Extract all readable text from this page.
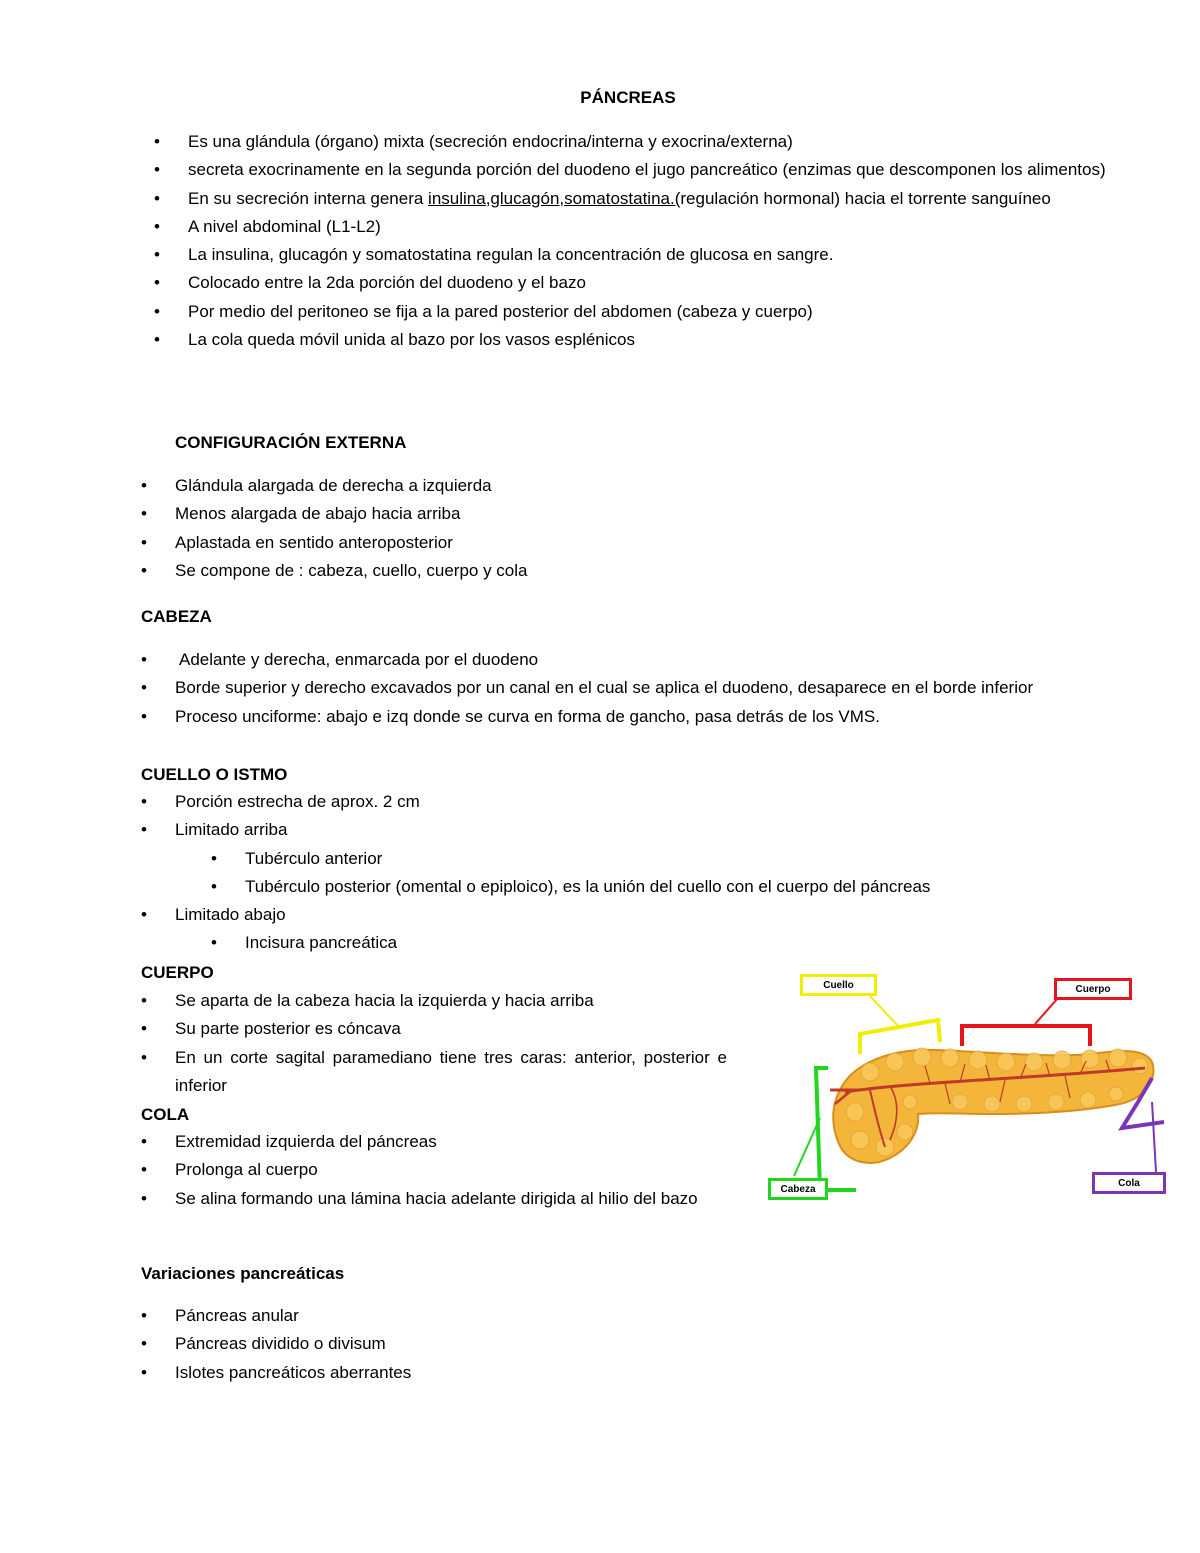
PÁNCREAS
• Es una glándula (órgano) mixta (secreción endocrina/interna y exocrina/externa)
• secreta exocrinamente en la segunda porción del duodeno el jugo pancreático (enzimas que descomponen los alimentos)
• En su secreción interna genera insulina,glucagón,somatostatina.(regulación hormonal) hacia el torrente sanguíneo
• A nivel abdominal (L1-L2)
• La insulina, glucagón y somatostatina regulan la concentración de glucosa en sangre.
• Colocado entre la 2da porción del duodeno y el bazo
• Por medio del peritoneo se fija a la pared posterior del abdomen (cabeza y cuerpo)
• La cola queda móvil unida al bazo por los vasos esplénicos
CONFIGURACIÓN EXTERNA
• Glándula alargada de derecha a izquierda
• Menos alargada de abajo hacia arriba
• Aplastada en sentido anteroposterior
• Se compone de : cabeza, cuello, cuerpo y cola
CABEZA
• Adelante y derecha, enmarcada por el duodeno
• Borde superior y derecho excavados por un canal en el cual se aplica el duodeno, desaparece en el borde inferior
• Proceso unciforme: abajo e izq donde se curva en forma de gancho, pasa detrás de los VMS.
CUELLO O ISTMO
• Porción estrecha de aprox. 2 cm
• Limitado arriba
• Tubérculo anterior
• Tubérculo posterior (omental o epiploico), es la unión del cuello con el cuerpo del páncreas
• Limitado abajo
• Incisura pancreática
CUERPO
• Se aparta de la cabeza hacia la izquierda y hacia arriba
• Su parte posterior es cóncava
• En un corte sagital paramediano tiene tres caras: anterior, posterior e inferior
COLA
• Extremidad izquierda del páncreas
• Prolonga al cuerpo
• Se alina formando una lámina hacia adelante dirigida al hilio del bazo
Variaciones pancreáticas
• Páncreas anular
• Páncreas dividido o divisum
• Islotes pancreáticos aberrantes
Cuello	Cuerpo
Cabeza
Cola
